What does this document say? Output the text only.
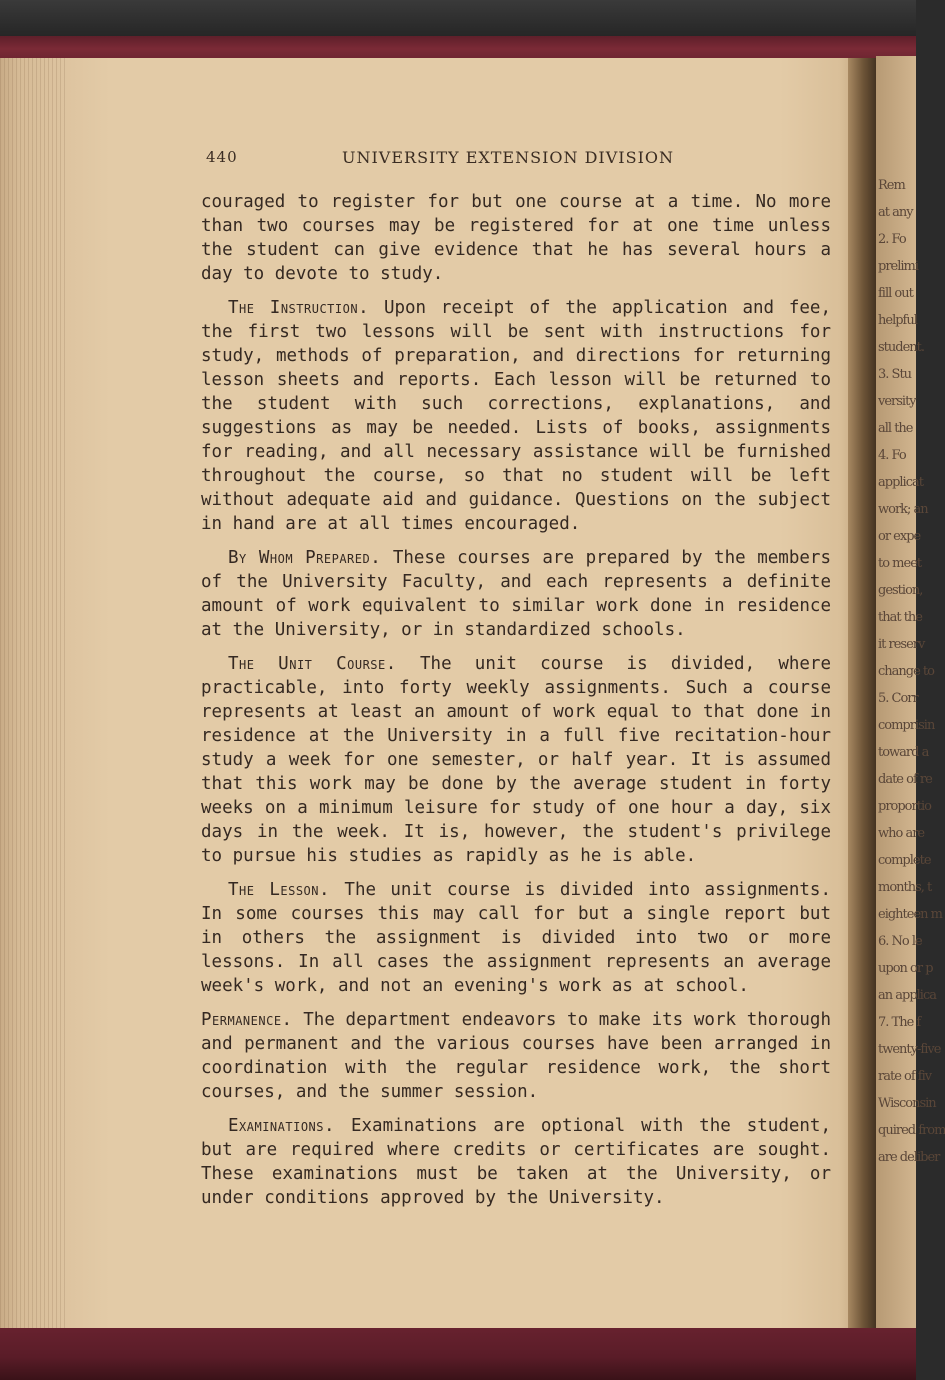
Rem
at any
2. Fo
prelimi
fill out
helpful
student.
3. Stu
versity
all the
4. Fo
applicat
work; an
or expe
to meet
gestion,
that the
it reserv
change to
5. Corr
comprisin
toward a
date of re
proportio
who are
complete
months, t
eighteen m
6. No le
upon or p
an applica
7. The f
twenty-five
rate of fiv
Wisconsin
quired from
are deliber
440	UNIVERSITY EXTENSION DIVISION

couraged to register for but one course at a time. No more than two courses may be registered for at one time unless the student can give evidence that he has several hours a day to devote to study.

The Instruction. Upon receipt of the application and fee, the first two lessons will be sent with instructions for study, methods of preparation, and directions for returning lesson sheets and reports. Each lesson will be returned to the student with such corrections, explanations, and suggestions as may be needed. Lists of books, assignments for reading, and all necessary assistance will be furnished throughout the course, so that no student will be left without adequate aid and guidance. Questions on the subject in hand are at all times encouraged.

By Whom Prepared. These courses are prepared by the members of the University Faculty, and each represents a definite amount of work equivalent to similar work done in residence at the University, or in standardized schools.

The Unit Course. The unit course is divided, where practicable, into forty weekly assignments. Such a course represents at least an amount of work equal to that done in residence at the University in a full five recitation-hour study a week for one semester, or half year. It is assumed that this work may be done by the average student in forty weeks on a minimum leisure for study of one hour a day, six days in the week. It is, however, the student's privilege to pursue his studies as rapidly as he is able.

The Lesson. The unit course is divided into assignments. In some courses this may call for but a single report but in others the assignment is divided into two or more lessons. In all cases the assignment represents an average week's work, and not an evening's work as at school.

Permanence. The department endeavors to make its work thorough and permanent and the various courses have been arranged in coordination with the regular residence work, the short courses, and the summer session.

Examinations. Examinations are optional with the student, but are required where credits or certificates are sought. These examinations must be taken at the University, or under conditions approved by the University.
